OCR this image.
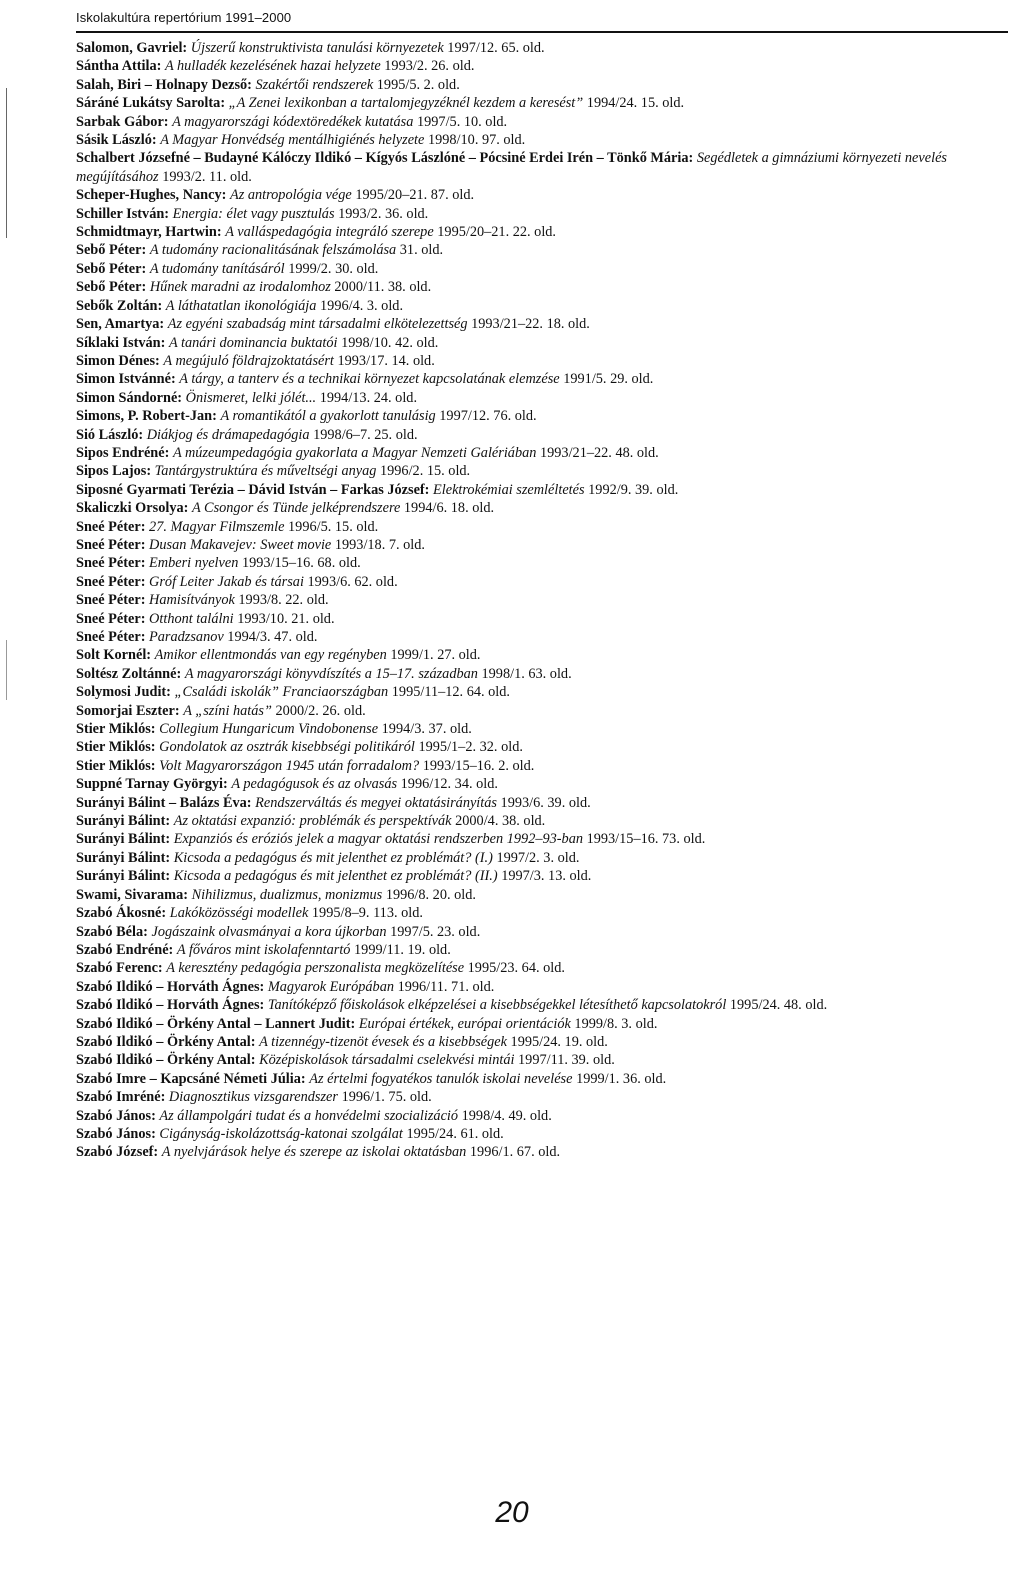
Iskolakultúra repertórium 1991–2000

Salomon, Gavriel: Újszerű konstruktivista tanulási környezetek 1997/12. 65. old.

Sántha Attila: A hulladék kezelésének hazai helyzete 1993/2. 26. old.

Salah, Biri – Holnapy Dezső: Szakértői rendszerek 1995/5. 2. old.

Sáráné Lukátsy Sarolta: „A Zenei lexikonban a tartalomjegyzéknél kezdem a keresést” 1994/24. 15. old.

Sarbak Gábor: A magyarországi kódextöredékek kutatása 1997/5. 10. old.

Sásik László: A Magyar Honvédség mentálhigiénés helyzete 1998/10. 97. old.

Schalbert Józsefné – Budayné Kálóczy Ildikó – Kígyós Lászlóné – Pócsiné Erdei Irén – Tönkő Mária: Segédletek a gimnáziumi környezeti nevelés megújításához 1993/2. 11. old.

Scheper-Hughes, Nancy: Az antropológia vége 1995/20–21. 87. old.

Schiller István: Energia: élet vagy pusztulás 1993/2. 36. old.

Schmidtmayr, Hartwin: A valláspedagógia integráló szerepe 1995/20–21. 22. old.

Sebő Péter: A tudomány racionalitásának felszámolása 31. old.

Sebő Péter: A tudomány tanításáról 1999/2. 30. old.

Sebő Péter: Hűnek maradni az irodalomhoz 2000/11. 38. old.

Sebők Zoltán: A láthatatlan ikonológiája 1996/4. 3. old.

Sen, Amartya: Az egyéni szabadság mint társadalmi elkötelezettség 1993/21–22. 18. old.

Síklaki István: A tanári dominancia buktatói 1998/10. 42. old.

Simon Dénes: A megújuló földrajzoktatásért 1993/17. 14. old.

Simon Istvánné: A tárgy, a tanterv és a technikai környezet kapcsolatának elemzése 1991/5. 29. old.

Simon Sándorné: Önismeret, lelki jólét... 1994/13. 24. old.

Simons, P. Robert-Jan: A romantikától a gyakorlott tanulásig 1997/12. 76. old.

Sió László: Diákjog és drámapedagógia 1998/6–7. 25. old.

Sipos Endréné: A múzeumpedagógia gyakorlata a Magyar Nemzeti Galériában 1993/21–22. 48. old.

Sipos Lajos: Tantárgystruktúra és műveltségi anyag 1996/2. 15. old.

Siposné Gyarmati Terézia – Dávid István – Farkas József: Elektrokémiai szemléltetés 1992/9. 39. old.

Skaliczki Orsolya: A Csongor és Tünde jelképrendszere 1994/6. 18. old.

Sneé Péter: 27. Magyar Filmszemle 1996/5. 15. old.

Sneé Péter: Dusan Makavejev: Sweet movie 1993/18. 7. old.

Sneé Péter: Emberi nyelven 1993/15–16. 68. old.

Sneé Péter: Gróf Leiter Jakab és társai 1993/6. 62. old.

Sneé Péter: Hamisítványok 1993/8. 22. old.

Sneé Péter: Otthont találni 1993/10. 21. old.

Sneé Péter: Paradzsanov 1994/3. 47. old.

Solt Kornél: Amikor ellentmondás van egy regényben 1999/1. 27. old.

Soltész Zoltánné: A magyarországi könyvdíszítés a 15–17. században 1998/1. 63. old.

Solymosi Judit: „Családi iskolák” Franciaországban 1995/11–12. 64. old.

Somorjai Eszter: A „színi hatás” 2000/2. 26. old.

Stier Miklós: Collegium Hungaricum Vindobonense 1994/3. 37. old.

Stier Miklós: Gondolatok az osztrák kisebbségi politikáról 1995/1–2. 32. old.

Stier Miklós: Volt Magyarországon 1945 után forradalom? 1993/15–16. 2. old.

Suppné Tarnay Györgyi: A pedagógusok és az olvasás 1996/12. 34. old.

Surányi Bálint – Balázs Éva: Rendszerváltás és megyei oktatásirányítás 1993/6. 39. old.

Surányi Bálint: Az oktatási expanzió: problémák és perspektívák 2000/4. 38. old.

Surányi Bálint: Expanziós és eróziós jelek a magyar oktatási rendszerben 1992–93-ban 1993/15–16. 73. old.

Surányi Bálint: Kicsoda a pedagógus és mit jelenthet ez problémát? (I.) 1997/2. 3. old.

Surányi Bálint: Kicsoda a pedagógus és mit jelenthet ez problémát? (II.) 1997/3. 13. old.

Swami, Sivarama: Nihilizmus, dualizmus, monizmus 1996/8. 20. old.

Szabó Ákosné: Lakóközösségi modellek 1995/8–9. 113. old.

Szabó Béla: Jogászaink olvasmányai a kora újkorban 1997/5. 23. old.

Szabó Endréné: A főváros mint iskolafenntartó 1999/11. 19. old.

Szabó Ferenc: A keresztény pedagógia perszonalista megközelítése 1995/23. 64. old.

Szabó Ildikó – Horváth Ágnes: Magyarok Európában 1996/11. 71. old.

Szabó Ildikó – Horváth Ágnes: Tanítóképző főiskolások elképzelései a kisebbségekkel létesíthető kapcsolatokról 1995/24. 48. old.

Szabó Ildikó – Örkény Antal – Lannert Judit: Európai értékek, európai orientációk 1999/8. 3. old.

Szabó Ildikó – Örkény Antal: A tizennégy-tizenöt évesek és a kisebbségek 1995/24. 19. old.

Szabó Ildikó – Örkény Antal: Középiskolások társadalmi cselekvési mintái 1997/11. 39. old.

Szabó Imre – Kapcsáné Németi Júlia: Az értelmi fogyatékos tanulók iskolai nevelése 1999/1. 36. old.

Szabó Imréné: Diagnosztikus vizsgarendszer 1996/1. 75. old.

Szabó János: Az állampolgári tudat és a honvédelmi szocializáció 1998/4. 49. old.

Szabó János: Cigányság-iskolázottság-katonai szolgálat 1995/24. 61. old.

Szabó József: A nyelvjárások helye és szerepe az iskolai oktatásban 1996/1. 67. old.

20
